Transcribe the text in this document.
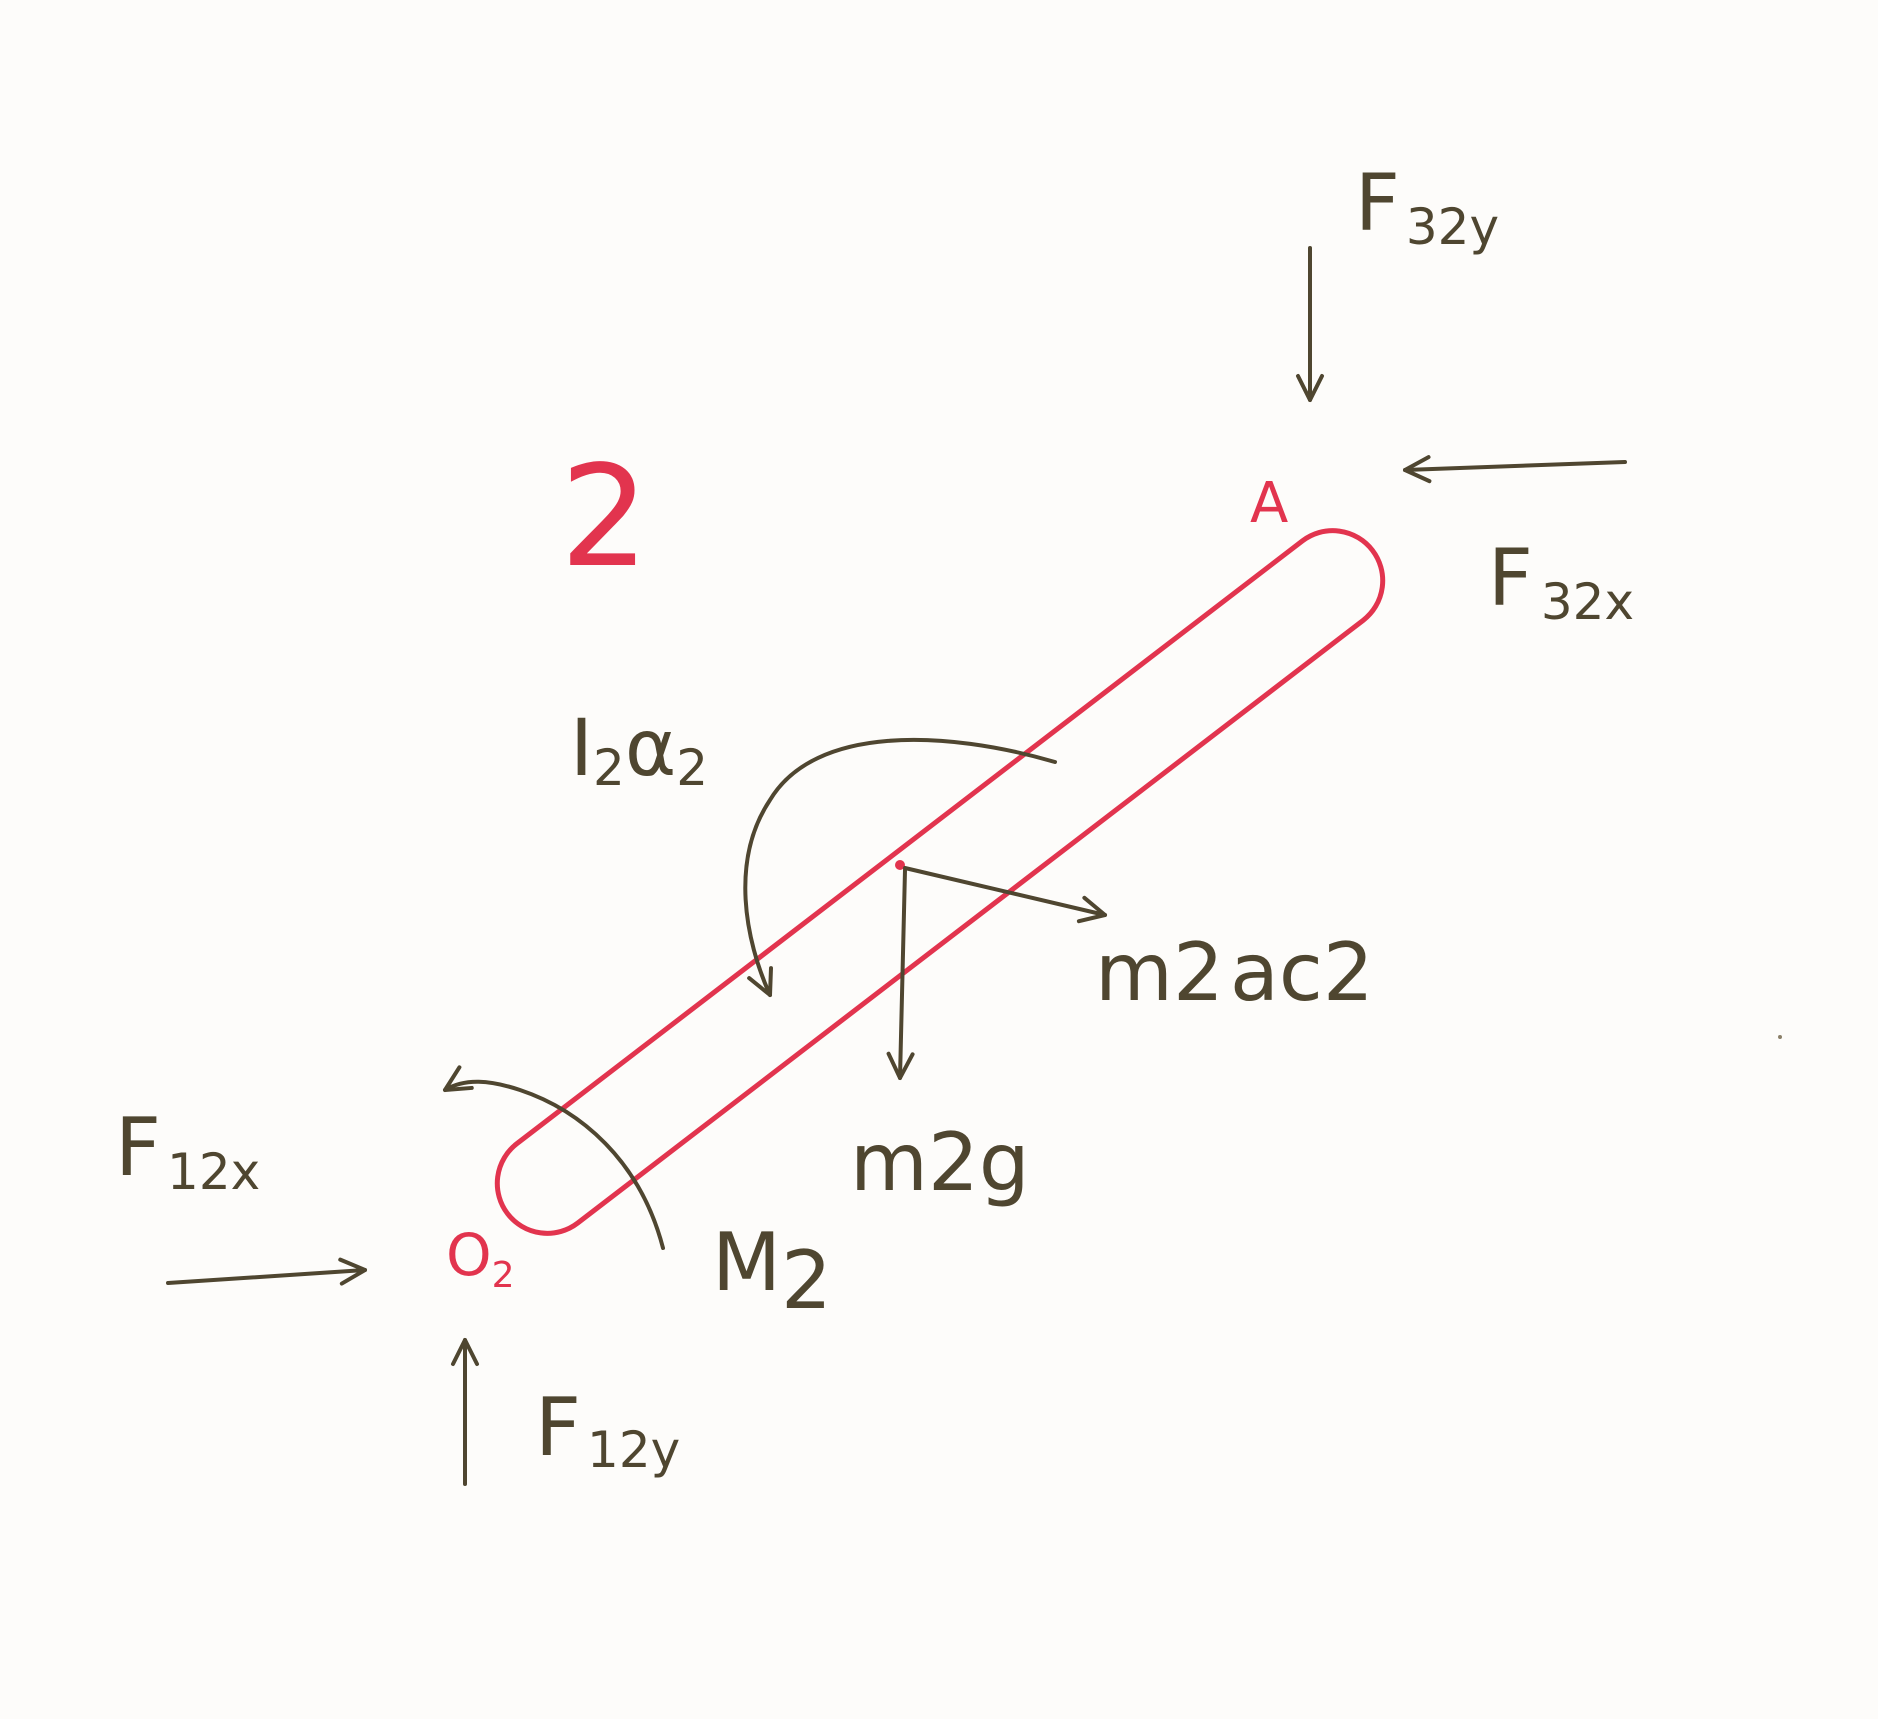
2	A
$O_2$
F 32y
F 32x
I2α2
m2ac2
m2g
M2
F 12x
F 12y
